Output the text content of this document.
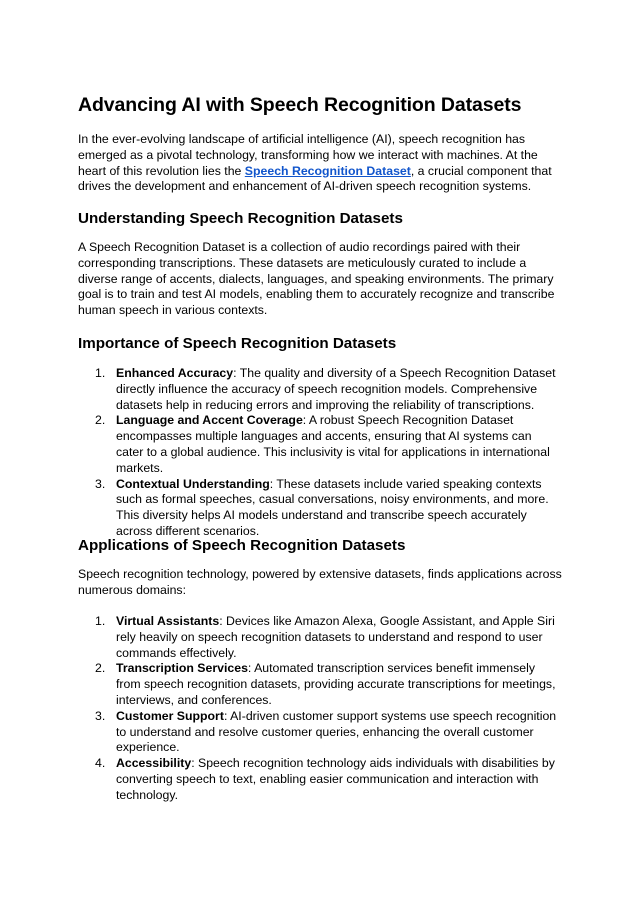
Advancing AI with Speech Recognition Datasets

In the ever-evolving landscape of artificial intelligence (AI), speech recognition has emerged as a pivotal technology, transforming how we interact with machines. At the heart of this revolution lies the Speech Recognition Dataset, a crucial component that drives the development and enhancement of AI-driven speech recognition systems.

Understanding Speech Recognition Datasets

A Speech Recognition Dataset is a collection of audio recordings paired with their corresponding transcriptions. These datasets are meticulously curated to include a diverse range of accents, dialects, languages, and speaking environments. The primary goal is to train and test AI models, enabling them to accurately recognize and transcribe human speech in various contexts.

Importance of Speech Recognition Datasets
1. Enhanced Accuracy: The quality and diversity of a Speech Recognition Dataset directly influence the accuracy of speech recognition models. Comprehensive datasets help in reducing errors and improving the reliability of transcriptions.
2. Language and Accent Coverage: A robust Speech Recognition Dataset encompasses multiple languages and accents, ensuring that AI systems can cater to a global audience. This inclusivity is vital for applications in international markets.
3. Contextual Understanding: These datasets include varied speaking contexts such as formal speeches, casual conversations, noisy environments, and more. This diversity helps AI models understand and transcribe speech accurately across different scenarios.
Applications of Speech Recognition Datasets

Speech recognition technology, powered by extensive datasets, finds applications across numerous domains:

1. Virtual Assistants: Devices like Amazon Alexa, Google Assistant, and Apple Siri rely heavily on speech recognition datasets to understand and respond to user commands effectively.
2. Transcription Services: Automated transcription services benefit immensely from speech recognition datasets, providing accurate transcriptions for meetings, interviews, and conferences.
3. Customer Support: AI-driven customer support systems use speech recognition to understand and resolve customer queries, enhancing the overall customer experience.
4. Accessibility: Speech recognition technology aids individuals with disabilities by converting speech to text, enabling easier communication and interaction with technology.
